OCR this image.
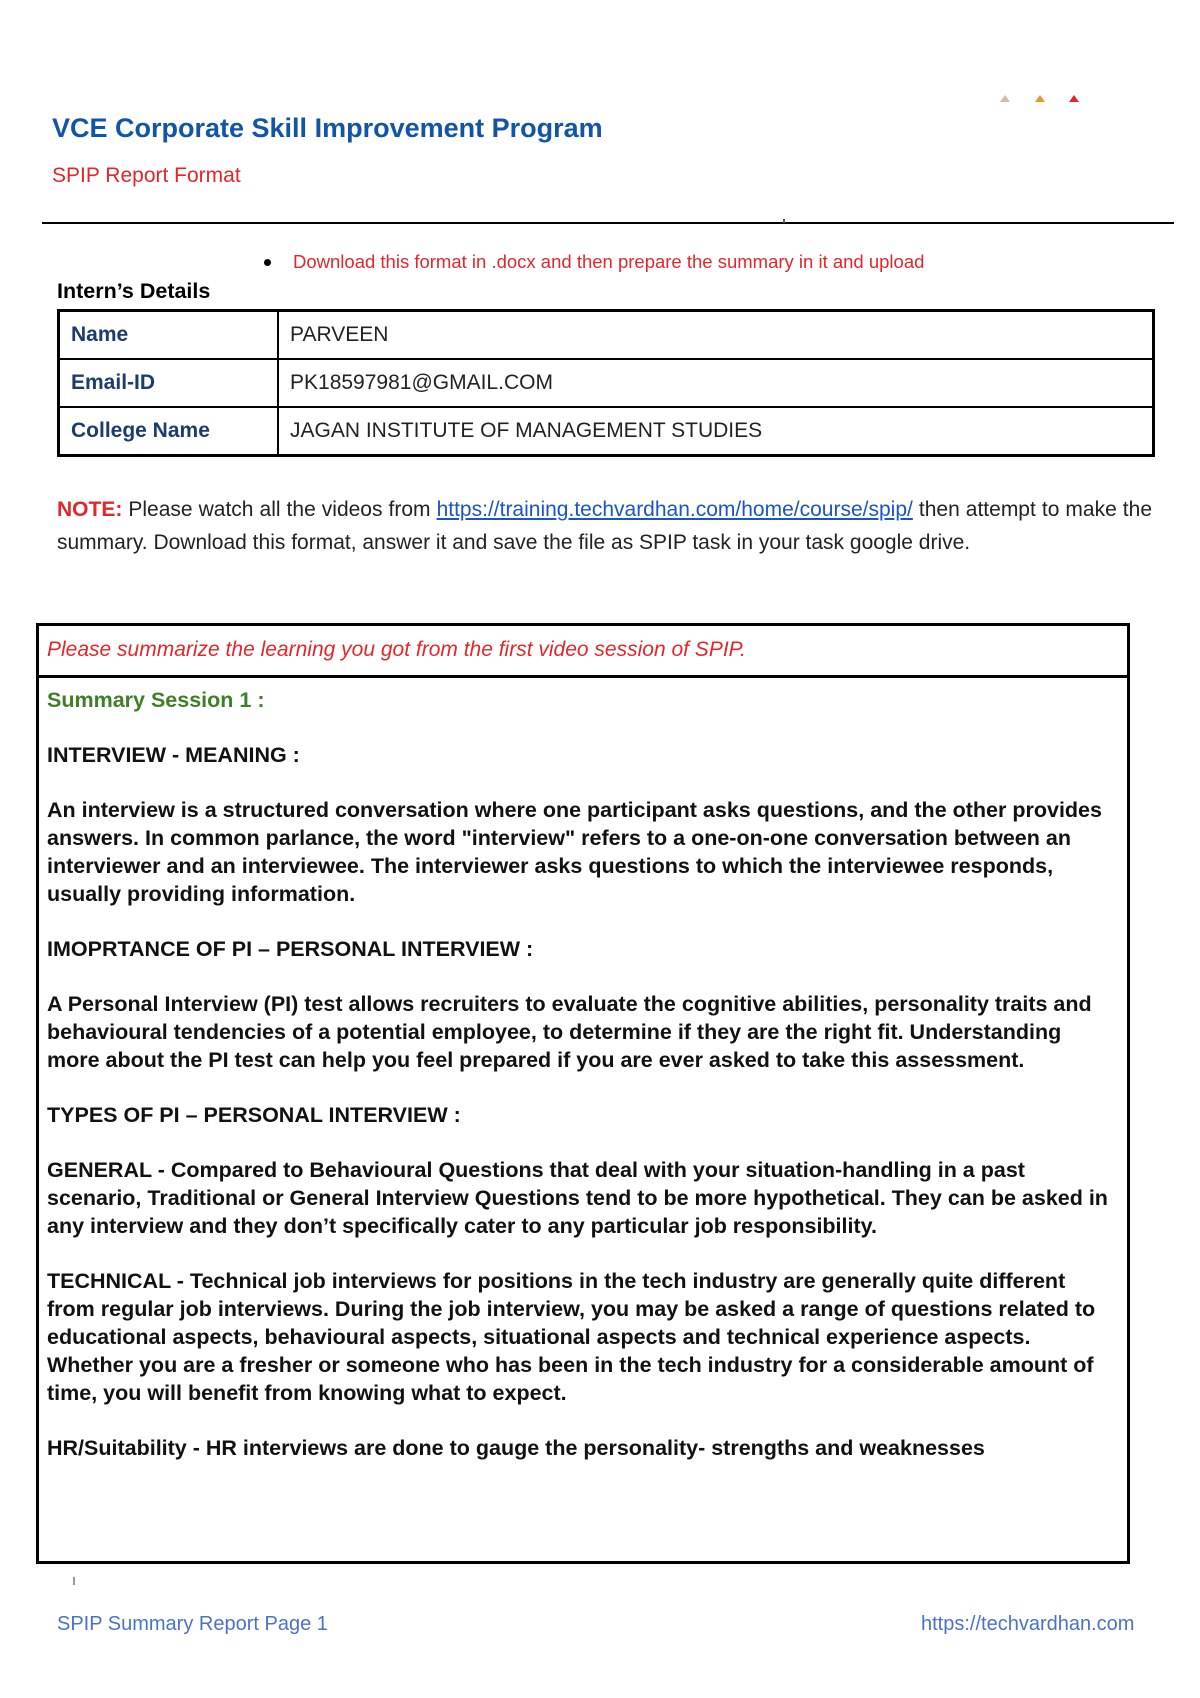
VCE Corporate Skill Improvement Program
SPIP Report Format
Download this format in .docx and then prepare the summary in it and upload
Intern’s Details
Name	PARVEEN
Email-ID	PK18597981@GMAIL.COM
College Name	JAGAN INSTITUTE OF MANAGEMENT STUDIES
NOTE: Please watch all the videos from https://training.techvardhan.com/home/course/spip/ then attempt to make the summary. Download this format, answer it and save the file as SPIP task in your task google drive.
Please summarize the learning you got from the first video session of SPIP.

Summary Session 1 :

INTERVIEW - MEANING :

An interview is a structured conversation where one participant asks questions, and the other provides answers. In common parlance, the word "interview" refers to a one-on-one conversation between an interviewer and an interviewee. The interviewer asks questions to which the interviewee responds, usually providing information.

IMOPRTANCE OF PI – PERSONAL INTERVIEW :

A Personal Interview (PI) test allows recruiters to evaluate the cognitive abilities, personality traits and behavioural tendencies of a potential employee, to determine if they are the right fit. Understanding more about the PI test can help you feel prepared if you are ever asked to take this assessment.

TYPES OF PI – PERSONAL INTERVIEW :

GENERAL - Compared to Behavioural Questions that deal with your situation-handling in a past scenario, Traditional or General Interview Questions tend to be more hypothetical. They can be asked in any interview and they don’t specifically cater to any particular job responsibility.

TECHNICAL - Technical job interviews for positions in the tech industry are generally quite different from regular job interviews. During the job interview, you may be asked a range of questions related to educational aspects, behavioural aspects, situational aspects and technical experience aspects. Whether you are a fresher or someone who has been in the tech industry for a considerable amount of time, you will benefit from knowing what to expect.

HR/Suitability - HR interviews are done to gauge the personality- strengths and weaknesses

SPIP Summary Report Page 1	https://techvardhan.com
